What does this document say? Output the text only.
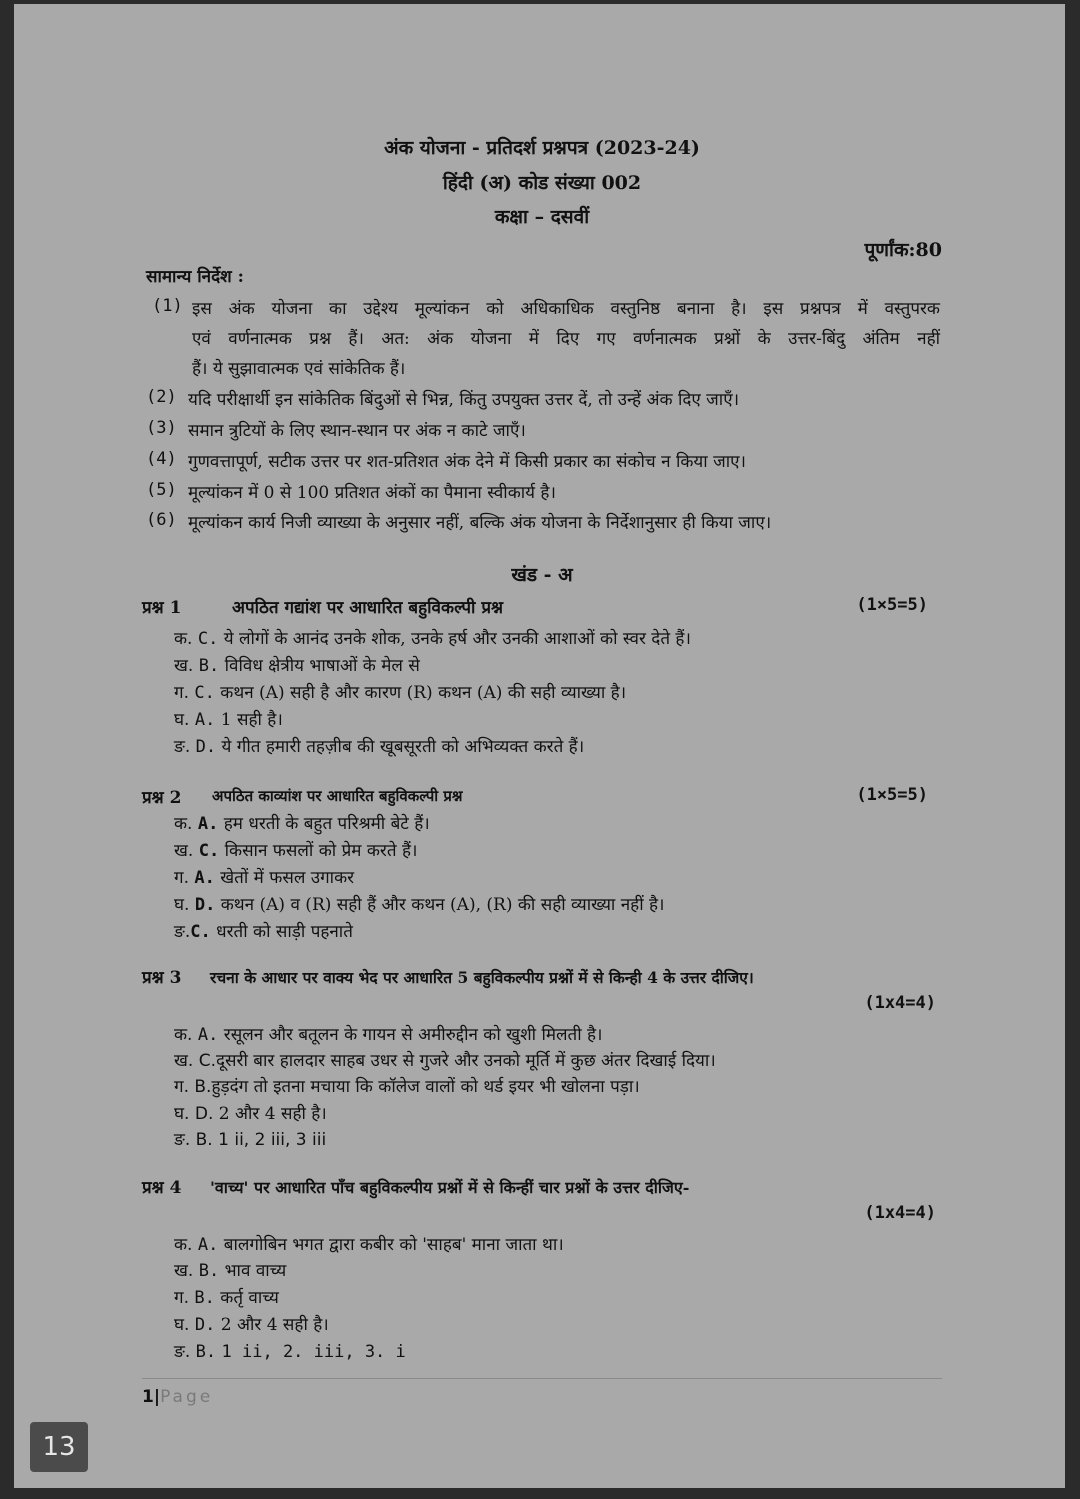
अंक योजना - प्रतिदर्श प्रश्नपत्र (2023-24)
हिंदी (अ) कोड संख्या 002
कक्षा – दसवीं
पूर्णांक:80
सामान्य निर्देश :
(1) इस अंक योजना का उद्देश्य मूल्यांकन को अधिकाधिक वस्तुनिष्ठ बनाना है। इस प्रश्नपत्र में वस्तुपरक
एवं वर्णनात्मक प्रश्न हैं। अत: अंक योजना में दिए गए वर्णनात्मक प्रश्नों के उत्तर-बिंदु अंतिम नहीं
हैं। ये सुझावात्मक एवं सांकेतिक हैं।
(2) यदि परीक्षार्थी इन सांकेतिक बिंदुओं से भिन्न, किंतु उपयुक्त उत्तर दें, तो उन्हें अंक दिए जाएँ।
(3) समान त्रुटियों के लिए स्थान-स्थान पर अंक न काटे जाएँ।
(4) गुणवत्तापूर्ण, सटीक उत्तर पर शत-प्रतिशत अंक देने में किसी प्रकार का संकोच न किया जाए।
(5) मूल्यांकन में 0 से 100 प्रतिशत अंकों का पैमाना स्वीकार्य है।
(6) मूल्यांकन कार्य निजी व्याख्या के अनुसार नहीं, बल्कि अंक योजना के निर्देशानुसार ही किया जाए।
खंड - अ
प्रश्न 1	अपठित गद्यांश पर आधारित बहुविकल्पी प्रश्न	(1×5=5)
क. C. ये लोगों के आनंद उनके शोक, उनके हर्ष और उनकी आशाओं को स्वर देते हैं।
ख. B. विविध क्षेत्रीय भाषाओं के मेल से
ग. C. कथन (A) सही है और कारण (R) कथन (A) की सही व्याख्या है।
घ. A. 1 सही है।
ङ. D. ये गीत हमारी तहज़ीब की खूबसूरती को अभिव्यक्त करते हैं।
प्रश्न 2 अपठित काव्यांश पर आधारित बहुविकल्पी प्रश्न	(1×5=5)
क. A. हम धरती के बहुत परिश्रमी बेटे हैं।
ख. C. किसान फसलों को प्रेम करते हैं।
ग. A. खेतों में फसल उगाकर
घ. D. कथन (A) व (R) सही हैं और कथन (A), (R) की सही व्याख्या नहीं है।
ङ.C. धरती को साड़ी पहनाते
प्रश्न 3 रचना के आधार पर वाक्य भेद पर आधारित 5 बहुविकल्पीय प्रश्नों में से किन्ही 4 के उत्तर दीजिए।
(1x4=4)
क. A. रसूलन और बतूलन के गायन से अमीरुद्दीन को खुशी मिलती है।
ख. C.दूसरी बार हालदार साहब उधर से गुजरे और उनको मूर्ति में कुछ अंतर दिखाई दिया।
ग. B.हुड़दंग तो इतना मचाया कि कॉलेज वालों को थर्ड इयर भी खोलना पड़ा।
घ. D. 2 और 4 सही है।
ङ. B. 1 ii, 2 iii, 3 iii
प्रश्न 4 'वाच्य' पर आधारित पाँच बहुविकल्पीय प्रश्नों में से किन्हीं चार प्रश्नों के उत्तर दीजिए-
(1x4=4)
क. A. बालगोबिन भगत द्वारा कबीर को 'साहब' माना जाता था।
ख. B. भाव वाच्य
ग. B. कर्तृ वाच्य
घ. D. 2 और 4 सही है।
ङ. B. 1 ii, 2. iii, 3. i
1|Page
13
